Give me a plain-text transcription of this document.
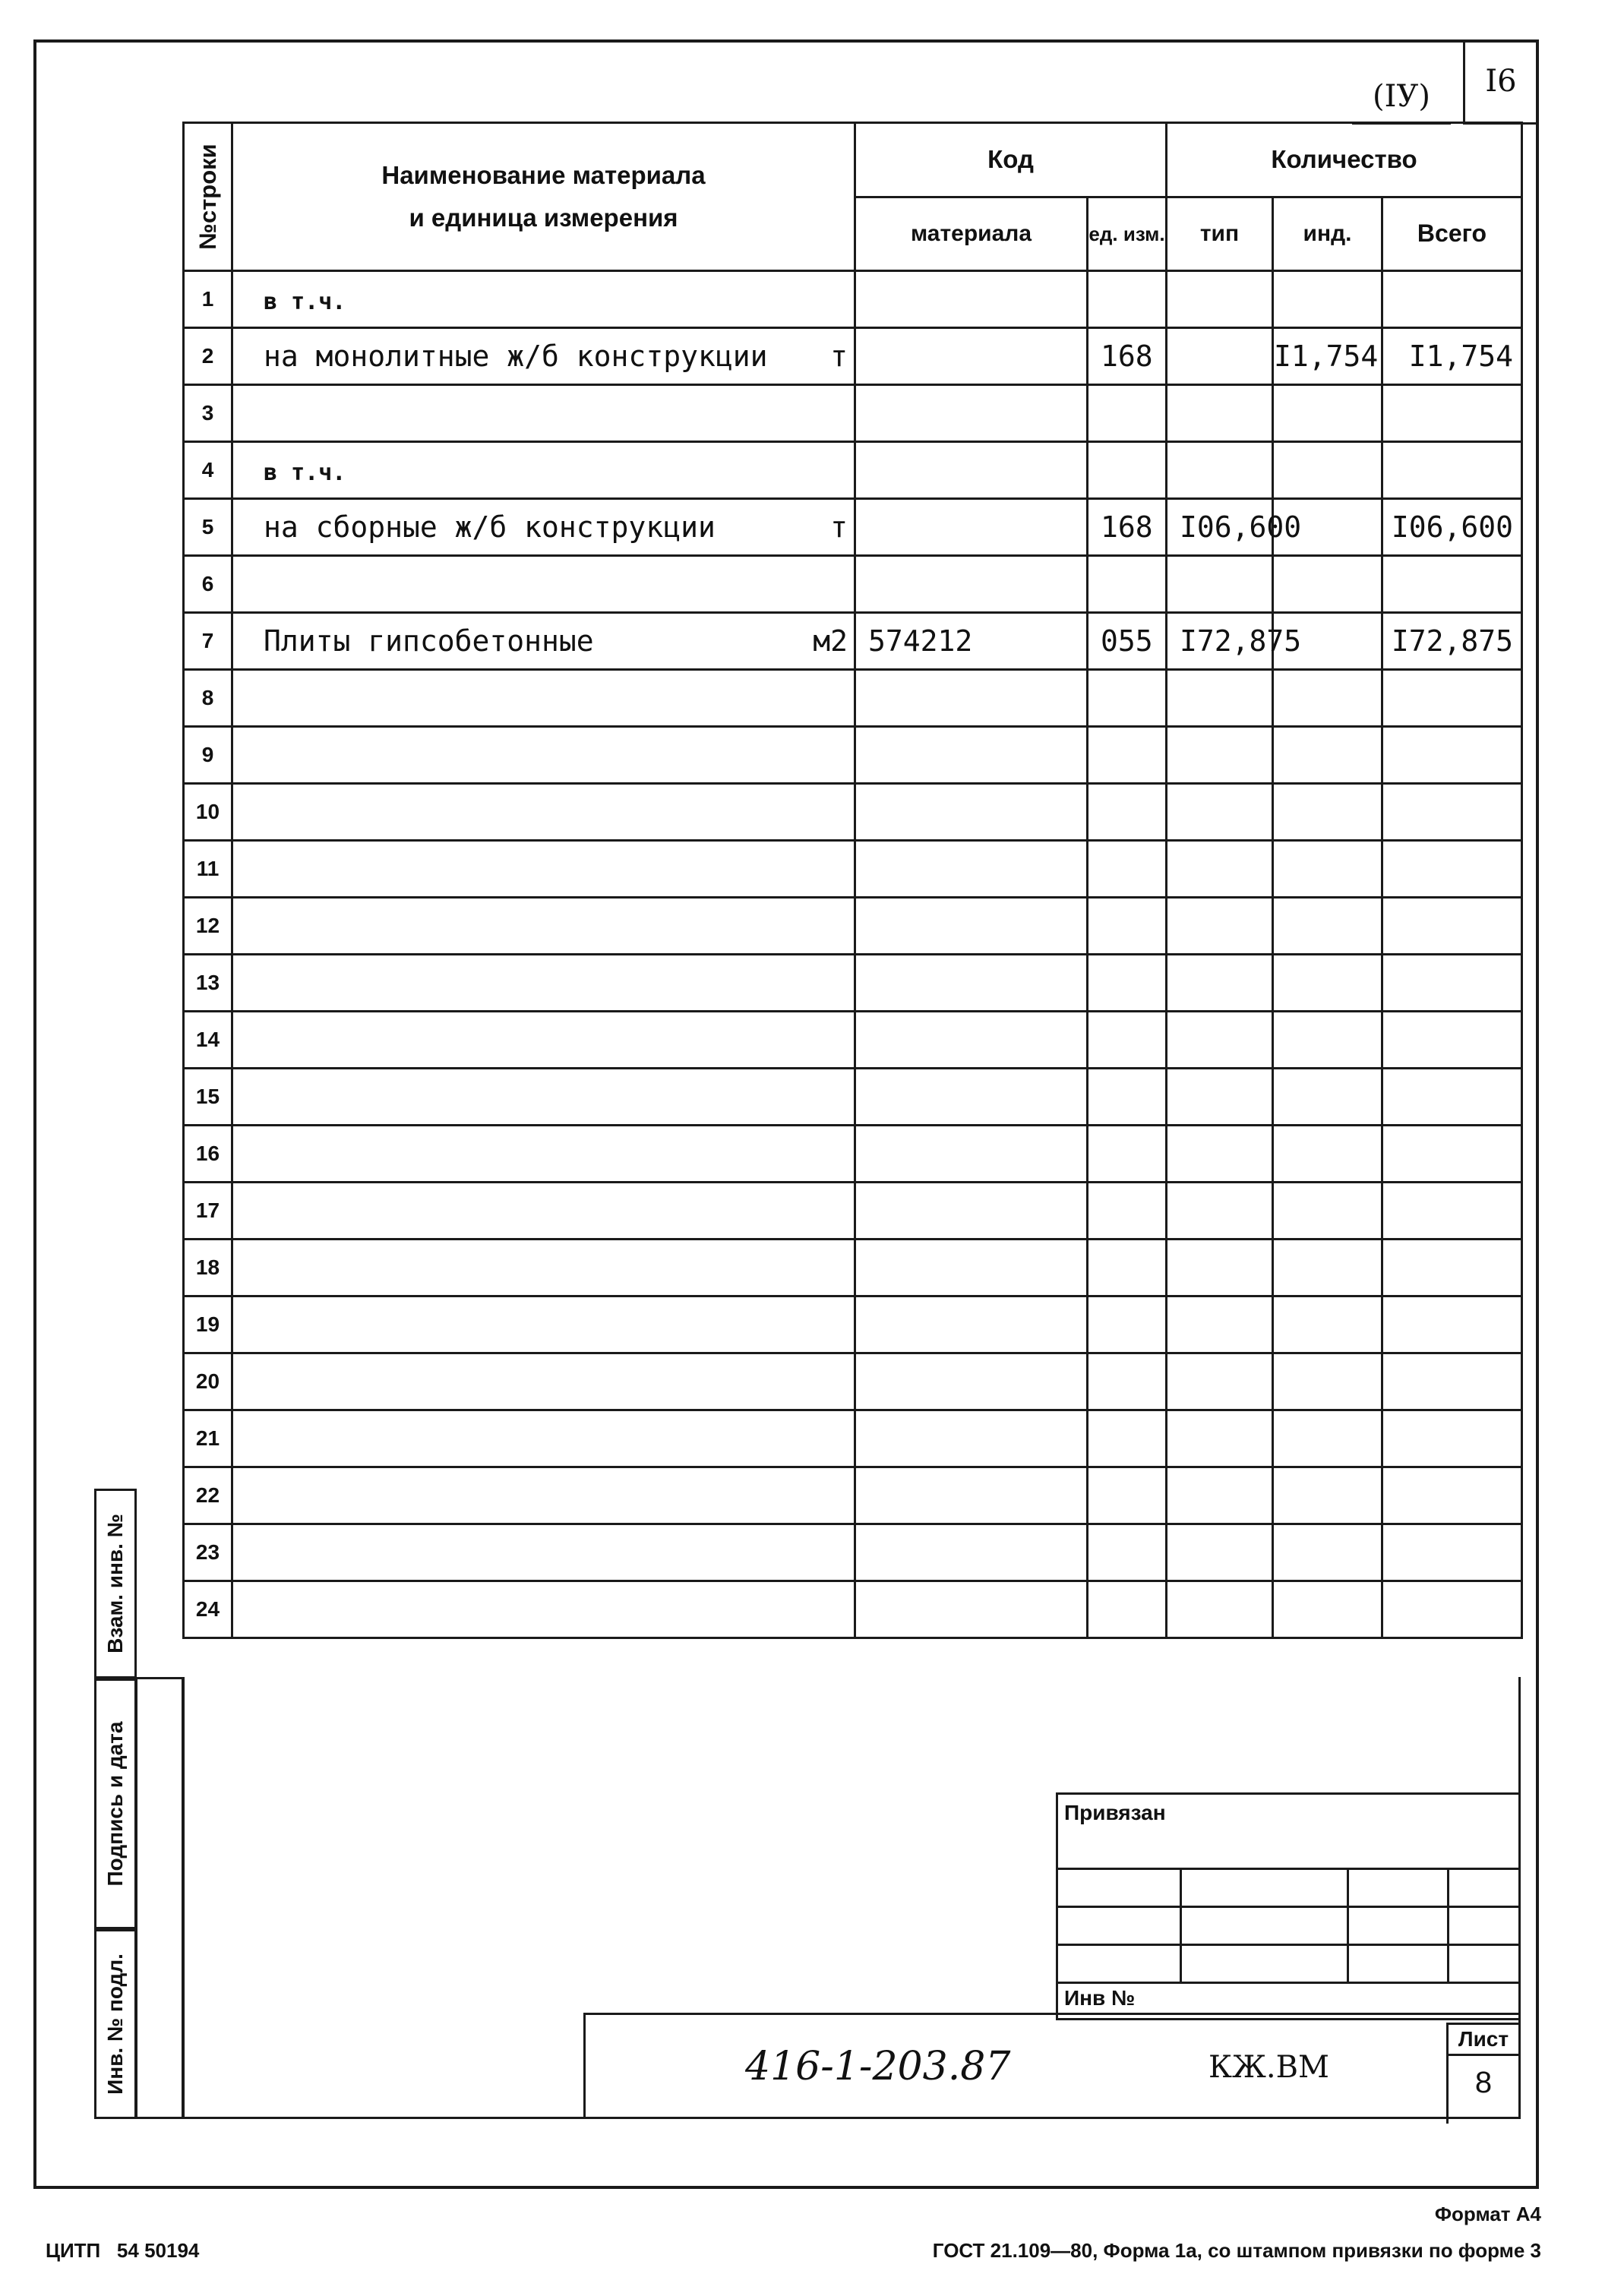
(IУ) I6
№строки	Наименование материала
и единица измерения	Код		Количество		
		материала	ед. изм.	тип	инд.	Всего
1	в т.ч.

2	на монолитные ж/б конструкции т		168		I1,754	I1,754
3	

4	в т.ч.

5	на сборные ж/б конструкции т		168	I06,600		I06,600
6	

7	Плиты гипсобетонные м2	574212	055	I72,875		I72,875
8	

9	

10	

11	

12	

13	

14	

15	

16	

17	

18	

19	

20	

21	

22	

23	

24	

Взам. инв. №
Подпись и дата
Инв. № подл.
Привязан
Инв №
416-1-203.87	КЖ.ВМ
Лист
8
Формат А4
ЦИТП   54 50194	ГОСТ 21.109—80, Форма 1а, со штампом привязки по форме 3
